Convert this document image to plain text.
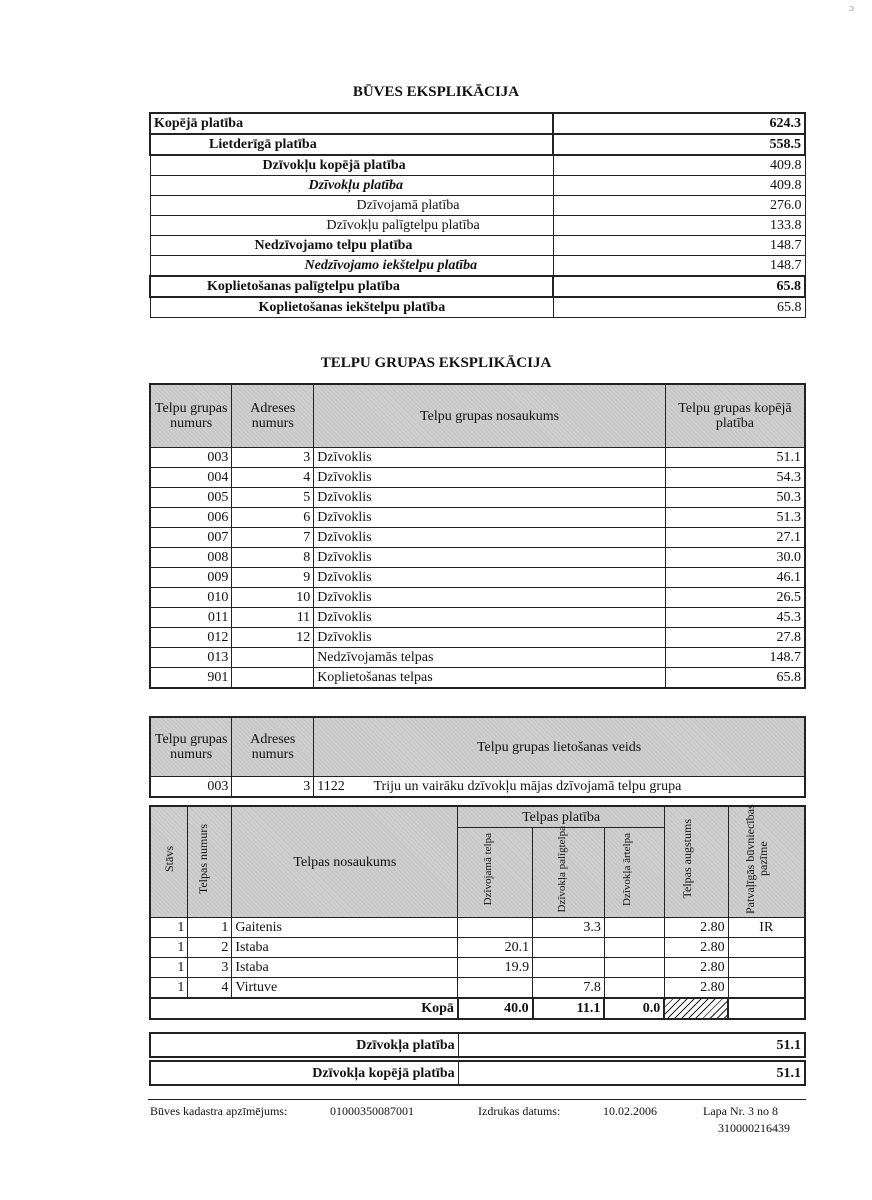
ɔ
BŪVES EKSPLIKĀCIJA
Kopējā platība	624.3
Lietderīgā platība	558.5
Dzīvokļu kopējā platība	409.8
Dzīvokļu platība	409.8
Dzīvojamā platība	276.0
Dzīvokļu palīgtelpu platība	133.8
Nedzīvojamo telpu platība	148.7
Nedzīvojamo iekštelpu platība	148.7
Koplietošanas palīgtelpu platība	65.8
Koplietošanas iekštelpu platība	65.8
TELPU GRUPAS EKSPLIKĀCIJA
Telpu grupas numurs	Adreses numurs	Telpu grupas nosaukums	Telpu grupas kopējā platība
003	3	Dzīvoklis	51.1
004	4	Dzīvoklis	54.3
005	5	Dzīvoklis	50.3
006	6	Dzīvoklis	51.3
007	7	Dzīvoklis	27.1
008	8	Dzīvoklis	30.0
009	9	Dzīvoklis	46.1
010	10	Dzīvoklis	26.5
011	11	Dzīvoklis	45.3
012	12	Dzīvoklis	27.8
013		Nedzīvojamās telpas	148.7
901		Koplietošanas telpas	65.8
Telpu grupas numurs	Adreses numurs	Telpu grupas lietošanas veids
003	3	1122 Triju un vairāku dzīvokļu mājas dzīvojamā telpu grupa
Stāvs	Telpas numurs	Telpas nosaukums	Telpas platība			Telpas augstums	Patvaļīgās būvniecības pazīme
			Dzīvojamā telpa	Dzīvokļa palīgtelpa	Dzīvokļa ārtelpa		
1	1	Gaitenis		3.3		2.80	IR
1	2	Istaba	20.1			2.80	
1	3	Istaba	19.9			2.80	
1	4	Virtuve		7.8		2.80	
Kopā			40.0	11.1	0.0		
Dzīvokļa platība	51.1
Dzīvokļa kopējā platība	51.1
Būves kadastra apzīmējums:	01000350087001	Izdrukas datums:	10.02.2006	Lapa Nr. 3 no 8
310000216439
